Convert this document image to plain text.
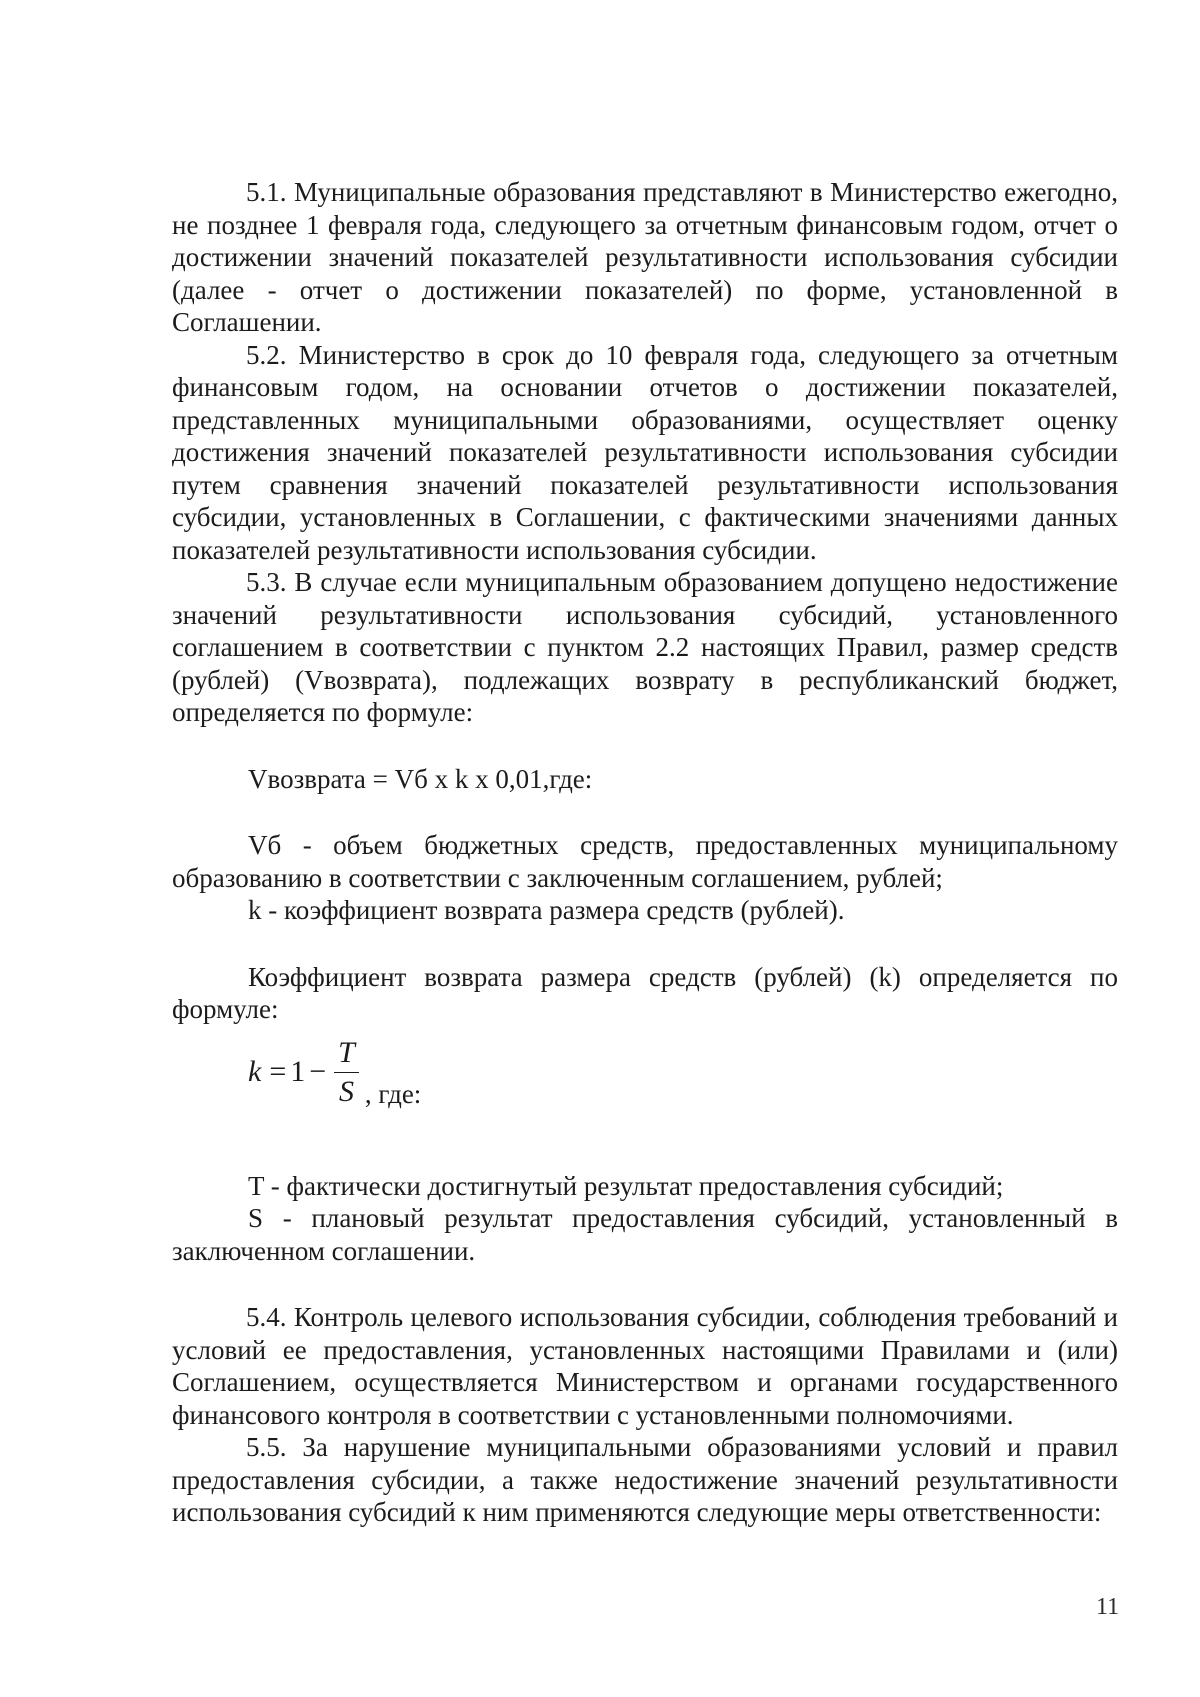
5.1. Муниципальные образования представляют в Министерство ежегодно, не позднее 1 февраля года, следующего за отчетным финансовым годом, отчет о достижении значений показателей результативности использования субсидии (далее - отчет о достижении показателей) по форме, установленной в Соглашении.
5.2. Министерство в срок до 10 февраля года, следующего за отчетным финансовым годом, на основании отчетов о достижении показателей, представленных муниципальными образованиями, осуществляет оценку достижения значений показателей результативности использования субсидии путем сравнения значений показателей результативности использования субсидии, установленных в Соглашении, с фактическими значениями данных показателей результативности использования субсидии.
5.3. В случае если муниципальным образованием допущено недостижение значений результативности использования субсидий, установленного соглашением в соответствии с пунктом 2.2 настоящих Правил, размер средств (рублей) (Vвозврата), подлежащих возврату в республиканский бюджет, определяется по формуле:
Vвозврата = Vб x k x 0,01,где:
Vб - объем бюджетных средств, предоставленных муниципальному образованию в соответствии с заключенным соглашением, рублей;
k - коэффициент возврата размера средств (рублей).
Коэффициент возврата размера средств (рублей) (k) определяется по формуле:
$k = 1 - \frac{T}{S}$ , где:
T - фактически достигнутый результат предоставления субсидий;
S - плановый результат предоставления субсидий, установленный в заключенном соглашении.
5.4. Контроль целевого использования субсидии, соблюдения требований и условий ее предоставления, установленных настоящими Правилами и (или) Соглашением, осуществляется Министерством и органами государственного финансового контроля в соответствии с установленными полномочиями.
5.5. За нарушение муниципальными образованиями условий и правил предоставления субсидии, а также недостижение значений результативности использования субсидий к ним применяются следующие меры ответственности:
11
